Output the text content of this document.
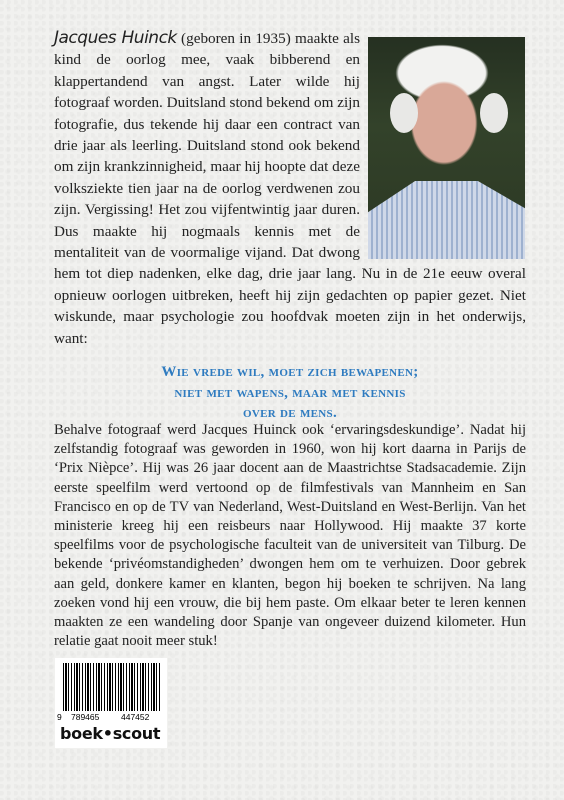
Jacques Huinck (geboren in 1935) maakte als kind de oorlog mee, vaak bibberend en klappertandend van angst. Later wilde hij fotograaf worden. Duitsland stond bekend om zijn fotografie, dus tekende hij daar een contract van drie jaar als leerling. Duitsland stond ook bekend om zijn krankzinnigheid, maar hij hoopte dat deze volksziekte tien jaar na de oorlog verdwenen zou zijn. Vergissing! Het zou vijfentwintig jaar duren. Dus maakte hij nogmaals kennis met de mentaliteit van de voormalige vijand. Dat dwong hem tot diep nadenken, elke dag, drie jaar lang. Nu in de 21e eeuw overal opnieuw oorlogen uitbreken, heeft hij zijn gedachten op papier gezet. Niet wiskunde, maar psychologie zou hoofdvak moeten zijn in het onderwijs, want:
Wie vrede wil, moet zich bewapenen;
niet met wapens, maar met kennis
over de mens.
Behalve fotograaf werd Jacques Huinck ook ‘ervaringsdeskundige’. Nadat hij zelfstandig fotograaf was geworden in 1960, won hij kort daarna in Parijs de ‘Prix Nièpce’. Hij was 26 jaar docent aan de Maastrichtse Stadsacademie. Zijn eerste speelfilm werd vertoond op de filmfestivals van Mannheim en San Francisco en op de TV van Nederland, West-Duitsland en West-Berlijn. Van het ministerie kreeg hij een reisbeurs naar Hollywood. Hij maakte 37 korte speelfilms voor de psychologische faculteit van de universiteit van Tilburg. De bekende ‘privéomstandigheden’ dwongen hem om te verhuizen. Door gebrek aan geld, donkere kamer en klanten, begon hij boeken te schrijven. Na lang zoeken vond hij een vrouw, die bij hem paste. Om elkaar beter te leren kennen maakten ze een wandeling door Spanje van ongeveer duizend kilometer. Hun relatie gaat nooit meer stuk!
9 789465	447452
boek•scout
